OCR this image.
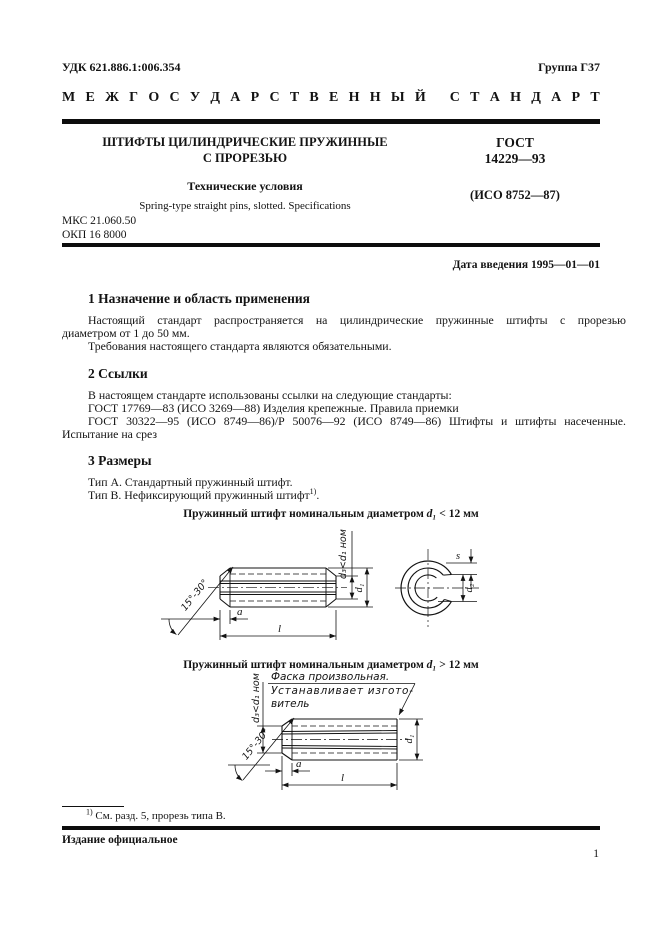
УДК 621.886.1:006.354	Группа Г37
М Е Ж Г О С У Д А Р С Т В Е Н Н Ы Й
С Т А Н Д А Р Т
ШТИФТЫ ЦИЛИНДРИЧЕСКИЕ ПРУЖИННЫЕ
С ПРОРЕЗЬЮ
Технические условия
Spring-type straight pins, slotted. Specifications
ГОСТ
14229—93
(ИСО 8752—87)
МКС 21.060.50
ОКП 16 8000
Дата введения 1995—01—01
1 Назначение и область применения
Настоящий стандарт распространяется на цилиндрические пружинные штифты с прорезью
диаметром от 1 до 50 мм.
Требования настоящего стандарта являются обязательными.
2 Ссылки
В настоящем стандарте использованы ссылки на следующие стандарты:
ГОСТ 17769—83 (ИСО 3269—88) Изделия крепежные. Правила приемки
ГОСТ 30322—95 (ИСО 8749—86)/Р 50076—92 (ИСО 8749—86) Штифты и штифты насеченные.
Испытание на срез
3 Размеры
Тип А. Стандартный пружинный штифт.
Тип В. Нефиксирующий пружинный штифт$^{1)}$.
Пружинный штифт номинальным диаметром d₁ < 12 мм
15°-30° a
l
d₃<d₁ ном
d₁
s
d₂
Пружинный штифт номинальным диаметром d₁ > 12 мм
Фаска произвольная.
Устанавливает изгото-
витель
d₃<d₁ ном
15°-30°
a
l
d₁
$^{1)}$ См. разд. 5, прорезь типа В.
Издание официальное
1
